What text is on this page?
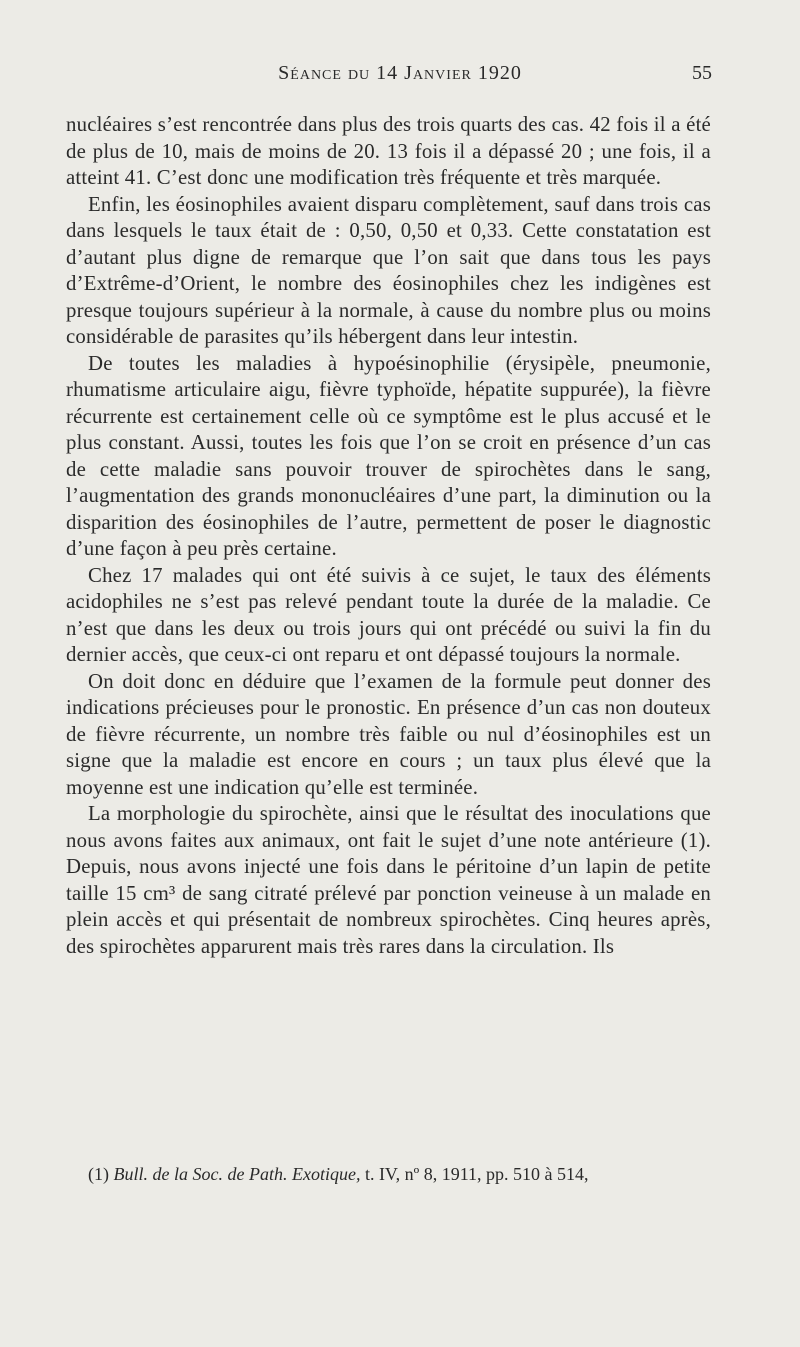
Séance du 14 Janvier 1920	55

nucléaires s’est rencontrée dans plus des trois quarts des cas. 42 fois il a été de plus de 10, mais de moins de 20. 13 fois il a dépassé 20 ; une fois, il a atteint 41. C’est donc une modification très fréquente et très marquée.

Enfin, les éosinophiles avaient disparu complètement, sauf dans trois cas dans lesquels le taux était de : 0,50, 0,50 et 0,33. Cette constatation est d’autant plus digne de remarque que l’on sait que dans tous les pays d’Extrême-d’Orient, le nombre des éosinophiles chez les indigènes est presque toujours supérieur à la normale, à cause du nombre plus ou moins considérable de parasites qu’ils hébergent dans leur intestin.

De toutes les maladies à hypoésinophilie (érysipèle, pneumonie, rhumatisme articulaire aigu, fièvre typhoïde, hépatite suppurée), la fièvre récurrente est certainement celle où ce symptôme est le plus accusé et le plus constant. Aussi, toutes les fois que l’on se croit en présence d’un cas de cette maladie sans pouvoir trouver de spirochètes dans le sang, l’augmentation des grands mononucléaires d’une part, la diminution ou la disparition des éosinophiles de l’autre, permettent de poser le diagnostic d’une façon à peu près certaine.

Chez 17 malades qui ont été suivis à ce sujet, le taux des éléments acidophiles ne s’est pas relevé pendant toute la durée de la maladie. Ce n’est que dans les deux ou trois jours qui ont précédé ou suivi la fin du dernier accès, que ceux-ci ont reparu et ont dépassé toujours la normale.

On doit donc en déduire que l’examen de la formule peut donner des indications précieuses pour le pronostic. En présence d’un cas non douteux de fièvre récurrente, un nombre très faible ou nul d’éosinophiles est un signe que la maladie est encore en cours ; un taux plus élevé que la moyenne est une indication qu’elle est terminée.

La morphologie du spirochète, ainsi que le résultat des inoculations que nous avons faites aux animaux, ont fait le sujet d’une note antérieure (1). Depuis, nous avons injecté une fois dans le péritoine d’un lapin de petite taille 15 cm³ de sang citraté prélevé par ponction veineuse à un malade en plein accès et qui présentait de nombreux spirochètes. Cinq heures après, des spirochètes apparurent mais très rares dans la circulation. Ils

(1) Bull. de la Soc. de Path. Exotique, t. IV, nº 8, 1911, pp. 510 à 514,
